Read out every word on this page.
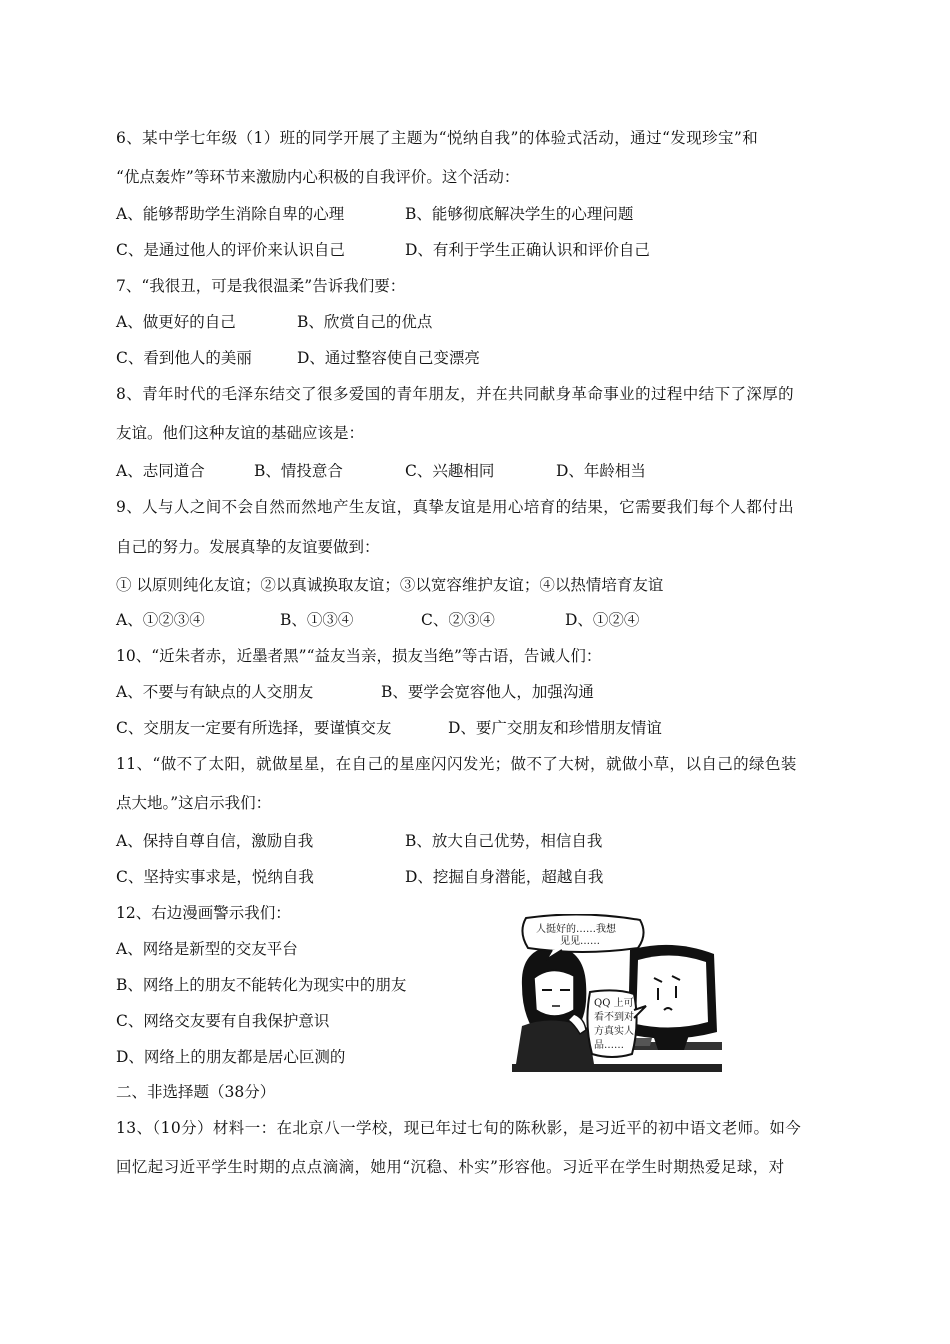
6、某中学七年级（1）班的同学开展了主题为“悦纳自我”的体验式活动，通过“发现珍宝”和
“优点轰炸”等环节来激励内心积极的自我评价。这个活动：
A、能够帮助学生消除自卑的心理	B、能够彻底解决学生的心理问题
C、是通过他人的评价来认识自己	D、有利于学生正确认识和评价自己
7、“我很丑，可是我很温柔”告诉我们要：
A、做更好的自己	B、欣赏自己的优点
C、看到他人的美丽	D、通过整容使自己变漂亮
8、青年时代的毛泽东结交了很多爱国的青年朋友，并在共同献身革命事业的过程中结下了深厚的
友谊。他们这种友谊的基础应该是：
A、志同道合	B、情投意合	C、兴趣相同	D、年龄相当
9、人与人之间不会自然而然地产生友谊，真挚友谊是用心培育的结果，它需要我们每个人都付出
自己的努力。发展真挚的友谊要做到：
① 以原则纯化友谊；②以真诚换取友谊；③以宽容维护友谊；④以热情培育友谊
A、①②③④	B、①③④	C、②③④	D、①②④
10、“近朱者赤，近墨者黑”“益友当亲，损友当绝”等古语，告诫人们：
A、不要与有缺点的人交朋友	B、要学会宽容他人，加强沟通
C、交朋友一定要有所选择，要谨慎交友	D、要广交朋友和珍惜朋友情谊
11、“做不了太阳，就做星星，在自己的星座闪闪发光；做不了大树，就做小草，以自己的绿色装
点大地。”这启示我们：
A、保持自尊自信，激励自我	B、放大自己优势，相信自我
C、坚持实事求是，悦纳自我	D、挖掘自身潜能，超越自我
12、右边漫画警示我们：
A、网络是新型的交友平台
B、网络上的朋友不能转化为现实中的朋友
C、网络交友要有自我保护意识
D、网络上的朋友都是居心叵测的
人挺好的……我想
见见……
QQ 上可
看不到对
方真实人
品……
二、非选择题（38分）
13、（10分）材料一：在北京八一学校，现已年过七旬的陈秋影，是习近平的初中语文老师。如今
回忆起习近平学生时期的点点滴滴，她用“沉稳、朴实”形容他。习近平在学生时期热爱足球，对
